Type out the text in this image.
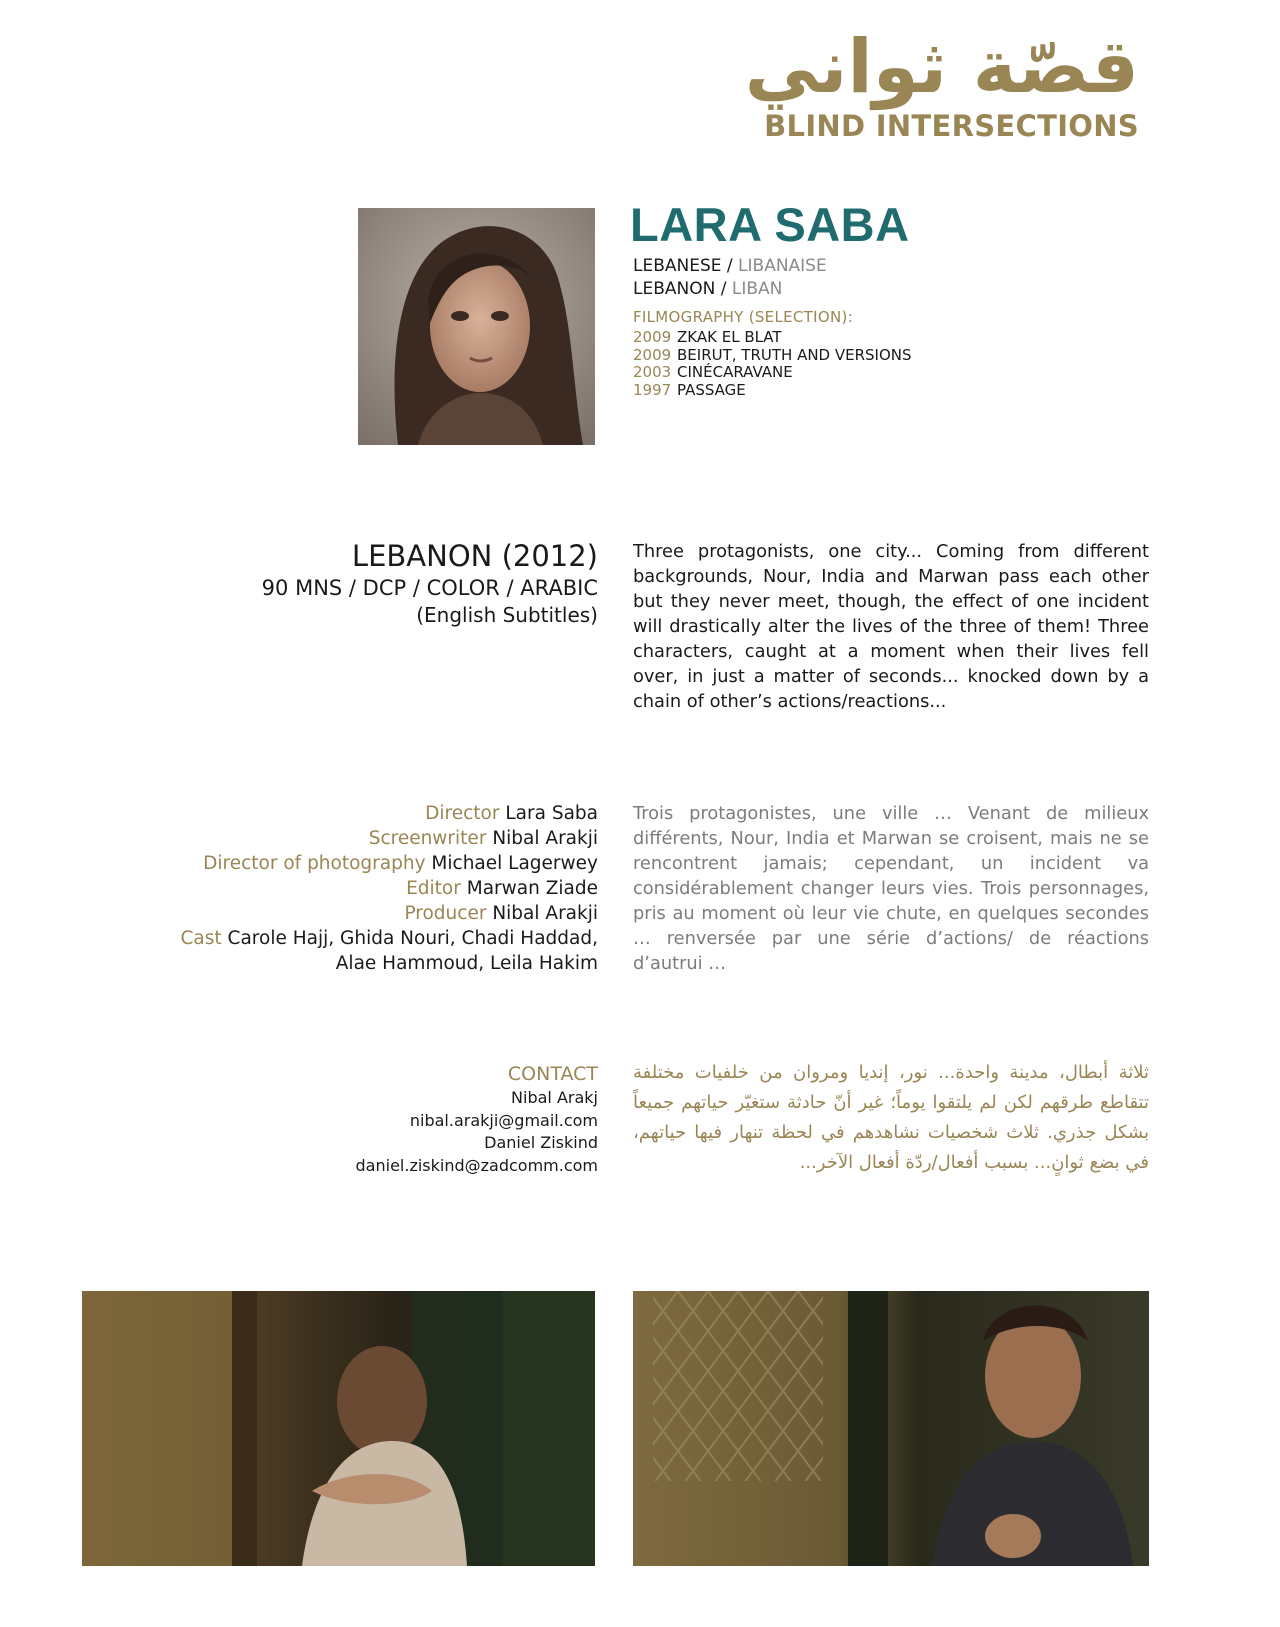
قصّة ثواني
BLIND INTERSECTIONS
LARA SABA
LEBANESE / LIBANAISE
LEBANON / LIBAN
FILMOGRAPHY (SELECTION):
2009 ZKAK EL BLAT
2009 BEIRUT, TRUTH AND VERSIONS
2003 CINÉCARAVANE
1997 PASSAGE
LEBANON (2012)
90 MNS / DCP / COLOR / ARABIC
(English Subtitles)
Three protagonists, one city... Coming from different backgrounds, Nour, India and Marwan pass each other but they never meet, though, the effect of one incident will drastically alter the lives of the three of them! Three characters, caught at a moment when their lives fell over, in just a matter of seconds... knocked down by a chain of other’s actions/reactions...
Trois protagonistes, une ville … Venant de milieux différents, Nour, India et Marwan se croisent, mais ne se rencontrent jamais; cependant, un incident va considérablement changer leurs vies. Trois personnages, pris au moment où leur vie chute, en quelques secondes … renversée par une série d’actions/ de réactions d’autrui …
ثلاثة أبطال، مدينة واحدة... نور، إنديا ومروان من خلفيات مختلفة تتقاطع طرقهم لكن لم يلتقوا يوماً؛ غير أنّ حادثة ستغيّر حياتهم جميعاً بشكل جذري. ثلاث شخصيات نشاهدهم في لحظة تنهار فيها حياتهم، في بضع ثوانٍ... بسبب أفعال/ردّة أفعال الآخر...
Director Lara Saba
Screenwriter Nibal Arakji
Director of photography Michael Lagerwey
Editor Marwan Ziade
Producer Nibal Arakji
Cast Carole Hajj, Ghida Nouri, Chadi Haddad,
Alae Hammoud, Leila Hakim
CONTACT
Nibal Arakj
nibal.arakji@gmail.com
Daniel Ziskind
daniel.ziskind@zadcomm.com
